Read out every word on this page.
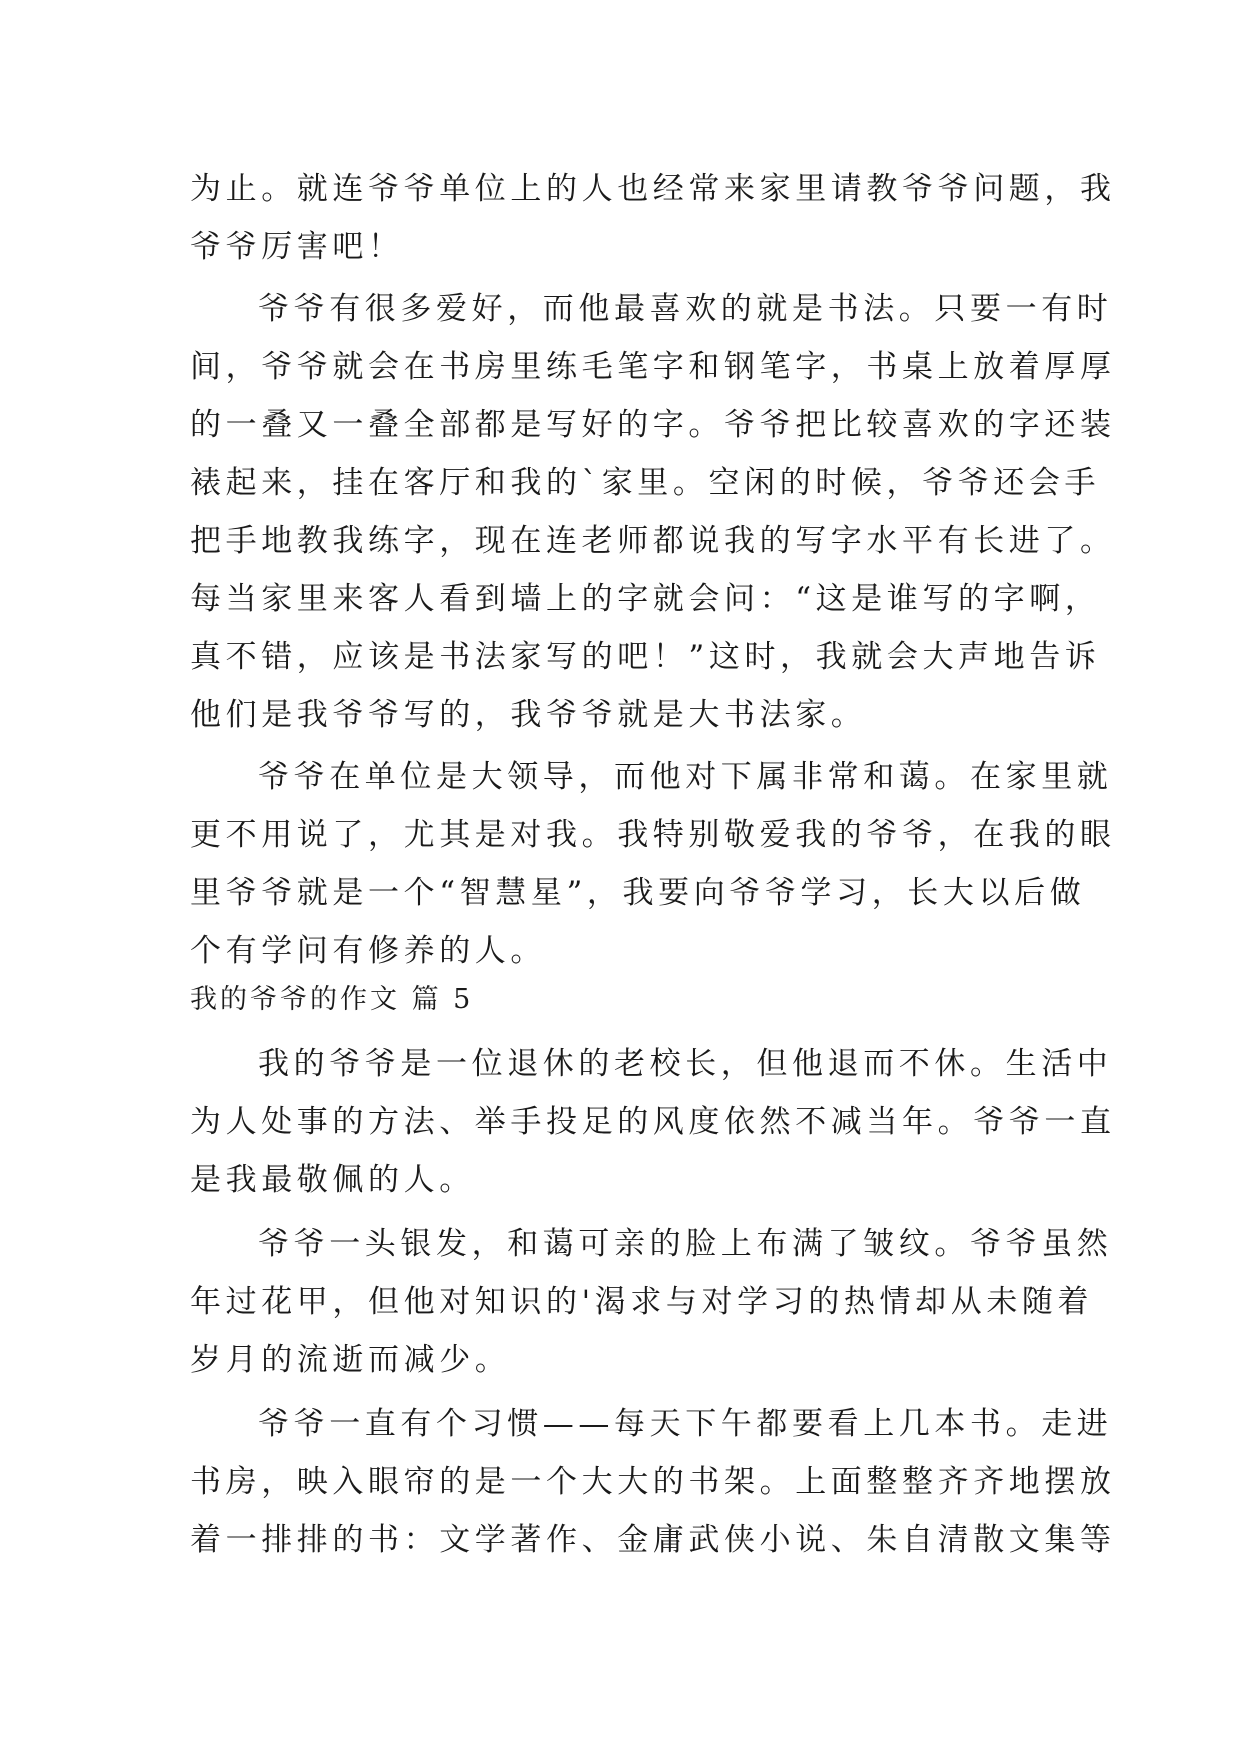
为止。就连爷爷单位上的人也经常来家里请教爷爷问题，我
爷爷厉害吧！
爷爷有很多爱好，而他最喜欢的就是书法。只要一有时
间，爷爷就会在书房里练毛笔字和钢笔字，书桌上放着厚厚
的一叠又一叠全部都是写好的字。爷爷把比较喜欢的字还装
裱起来，挂在客厅和我的`家里。空闲的时候，爷爷还会手
把手地教我练字，现在连老师都说我的写字水平有长进了。
每当家里来客人看到墙上的字就会问：“这是谁写的字啊，
真不错，应该是书法家写的吧！”这时，我就会大声地告诉
他们是我爷爷写的，我爷爷就是大书法家。
爷爷在单位是大领导，而他对下属非常和蔼。在家里就
更不用说了，尤其是对我。我特别敬爱我的爷爷，在我的眼
里爷爷就是一个“智慧星”，我要向爷爷学习，长大以后做
个有学问有修养的人。
我的爷爷的作文 篇 5
我的爷爷是一位退休的老校长，但他退而不休。生活中
为人处事的方法、举手投足的风度依然不减当年。爷爷一直
是我最敬佩的人。
爷爷一头银发，和蔼可亲的脸上布满了皱纹。爷爷虽然
年过花甲，但他对知识的'渴求与对学习的热情却从未随着
岁月的流逝而减少。
爷爷一直有个习惯——每天下午都要看上几本书。走进
书房，映入眼帘的是一个大大的书架。上面整整齐齐地摆放
着一排排的书：文学著作、金庸武侠小说、朱自清散文集等
